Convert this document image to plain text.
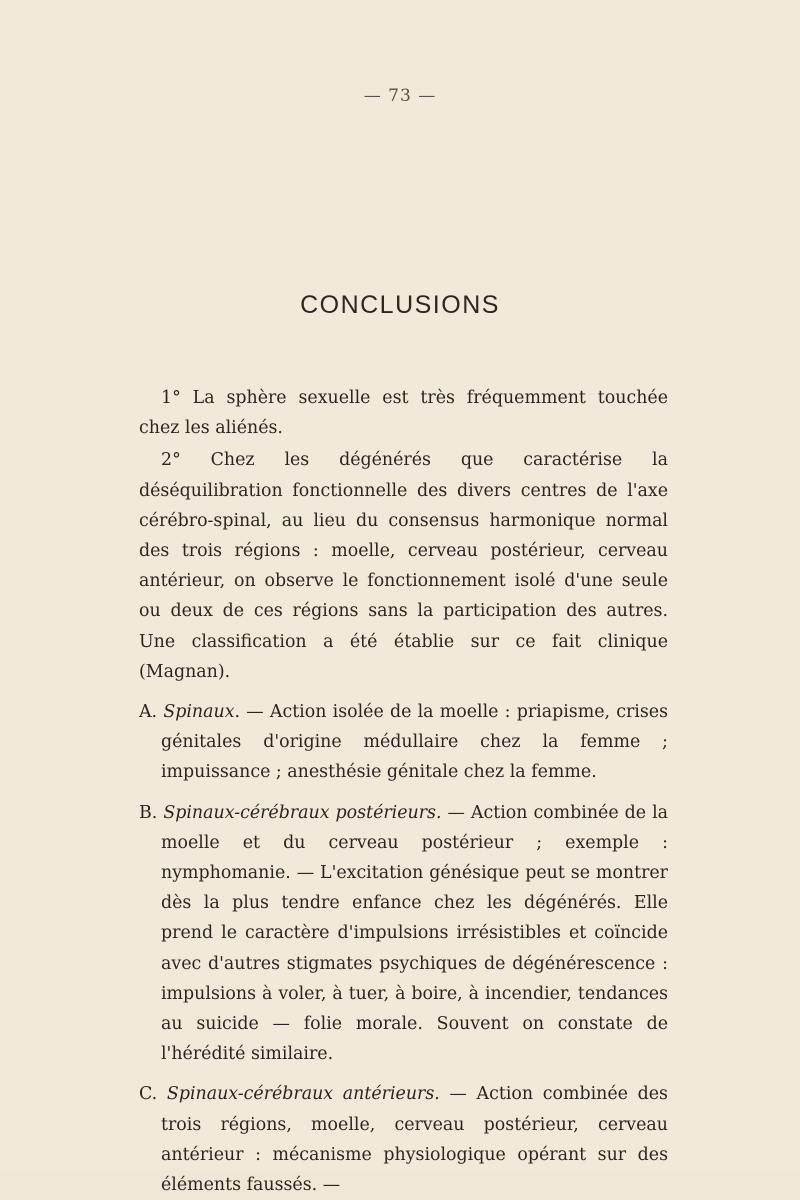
— 73 —
CONCLUSIONS

1° La sphère sexuelle est très fréquemment touchée chez les aliénés.

2° Chez les dégénérés que caractérise la déséquilibration fonctionnelle des divers centres de l'axe cérébro-spinal, au lieu du consensus harmonique normal des trois régions : moelle, cerveau postérieur, cerveau antérieur, on observe le fonctionnement isolé d'une seule ou deux de ces régions sans la participation des autres. Une classification a été établie sur ce fait clinique (Magnan).

A. Spinaux. — Action isolée de la moelle : priapisme, crises génitales d'origine médullaire chez la femme ; impuissance ; anesthésie génitale chez la femme.

B. Spinaux-cérébraux postérieurs. — Action combinée de la moelle et du cerveau postérieur ; exemple : nymphomanie. — L'excitation génésique peut se montrer dès la plus tendre enfance chez les dégénérés. Elle prend le caractère d'impulsions irrésistibles et coïncide avec d'autres stigmates psychiques de dégénérescence : impulsions à voler, à tuer, à boire, à incendier, tendances au suicide — folie morale. Souvent on constate de l'hérédité similaire.

C. Spinaux-cérébraux antérieurs. — Action combinée des trois régions, moelle, cerveau postérieur, cerveau antérieur : mécanisme physiologique opérant sur des éléments faussés. —
